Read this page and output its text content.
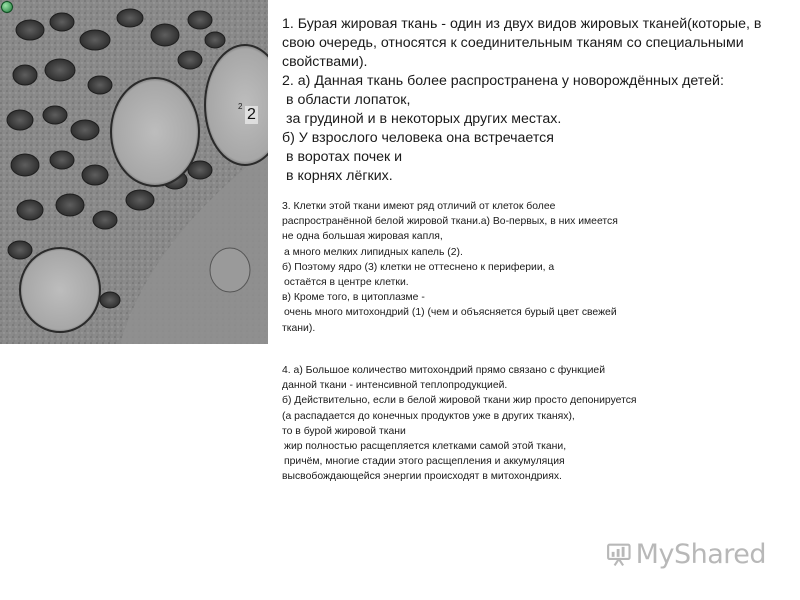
2 2

1. Бурая жировая ткань - один из двух видов жировых тканей(которые, в свою очередь, относятся к соединительным тканям со специальными свойствами).

2. а) Данная ткань более распространена у новорождённых детей:

в области лопаток,

за грудиной и в некоторых других местах.

б) У взрослого человека она встречается

в воротах почек и

в корнях лёгких.

3. Клетки этой ткани имеют ряд отличий от клеток более

распространённой белой жировой ткани.а) Во-первых, в них имеется

не одна большая жировая капля,

а много мелких липидных капель (2).

б) Поэтому ядро (3) клетки не оттеснено к периферии, а

остаётся в центре клетки.

в) Кроме того, в цитоплазме -

очень много митохондрий (1) (чем и объясняется бурый цвет свежей

ткани).

4. а) Большое количество митохондрий прямо связано с функцией

данной ткани - интенсивной теплопродукцией.

б) Действительно, если в белой жировой ткани жир просто депонируется

(а распадается до конечных продуктов уже в других тканях),

то в бурой жировой ткани

жир полностью расщепляется клетками самой этой ткани,

причём, многие стадии этого расщепления и аккумуляция

высвобождающейся энергии происходят в митохондриях.

MyShared
